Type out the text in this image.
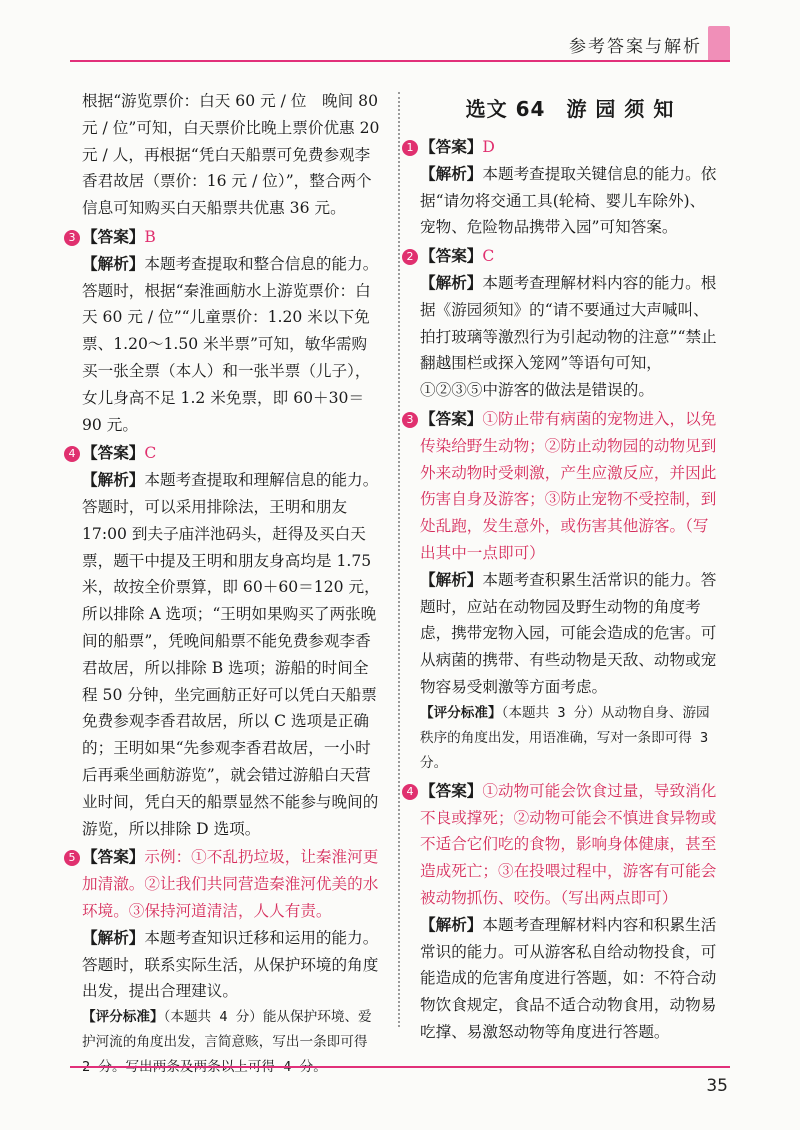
参考答案与解析

根据“游览票价：白天 60 元 / 位　晚间 80 元 / 位”可知，白天票价比晚上票价优惠 20 元 / 人，再根据“凭白天船票可免费参观李香君故居（票价：16 元 / 位）”，整合两个信息可知购买白天船票共优惠 36 元。

3 【答案】B

【解析】本题考查提取和整合信息的能力。答题时，根据“秦淮画舫水上游览票价：白天 60 元 / 位”“儿童票价：1.20 米以下免票、1.20～1.50 米半票”可知，敏华需购买一张全票（本人）和一张半票（儿子），女儿身高不足 1.2 米免票，即 60＋30＝90 元。

4 【答案】C

【解析】本题考查提取和理解信息的能力。答题时，可以采用排除法，王明和朋友 17:00 到夫子庙泮池码头，赶得及买白天票，题干中提及王明和朋友身高均是 1.75 米，故按全价票算，即 60＋60＝120 元，所以排除 A 选项；“王明如果购买了两张晚间的船票”，凭晚间船票不能免费参观李香君故居，所以排除 B 选项；游船的时间全程 50 分钟，坐完画舫正好可以凭白天船票免费参观李香君故居，所以 C 选项是正确的；王明如果“先参观李香君故居，一小时后再乘坐画舫游览”，就会错过游船白天营业时间，凭白天的船票显然不能参与晚间的游览，所以排除 D 选项。

5 【答案】示例：①不乱扔垃圾，让秦淮河更加清澈。②让我们共同营造秦淮河优美的水环境。③保持河道清洁，人人有责。

【解析】本题考查知识迁移和运用的能力。答题时，联系实际生活，从保护环境的角度出发，提出合理建议。

【评分标准】（本题共 4 分）能从保护环境、爱护河流的角度出发，言简意赅，写出一条即可得

选文 64　游 园 须 知

1 【答案】D

【解析】本题考查提取关键信息的能力。依据“请勿将交通工具(轮椅、婴儿车除外)、宠物、危险物品携带入园”可知答案。

2 【答案】C

【解析】本题考查理解材料内容的能力。根据《游园须知》的“请不要通过大声喊叫、拍打玻璃等激烈行为引起动物的注意”“禁止翻越围栏或探入笼网”等语句可知，①②③⑤中游客的做法是错误的。

3 【答案】①防止带有病菌的宠物进入，以免传染给野生动物；②防止动物园的动物见到外来动物时受刺激，产生应激反应，并因此伤害自身及游客；③防止宠物不受控制，到处乱跑，发生意外，或伤害其他游客。（写出其中一点即可）

【解析】本题考查积累生活常识的能力。答题时，应站在动物园及野生动物的角度考虑，携带宠物入园，可能会造成的危害。可从病菌的携带、有些动物是天敌、动物或宠物容易受刺激等方面考虑。

【评分标准】（本题共 3 分）从动物自身、游园秩序的角度出发，用语准确，写对一条即可得 3 分。

4 【答案】①动物可能会饮食过量，导致消化不良或撑死；②动物可能会不慎进食异物或不适合它们吃的食物，影响身体健康，甚至造成死亡；③在投喂过程中，游客有可能会被动物抓伤、咬伤。（写出两点即可）

【解析】本题考查理解材料内容和积累生活常识的能力。可从游客私自给动物投食，可能造成的危害角度进行答题，如：不符合动物饮食规定，食品不适合动物食用，动物易吃撑、易激怒动物等角度进行答题。

35
